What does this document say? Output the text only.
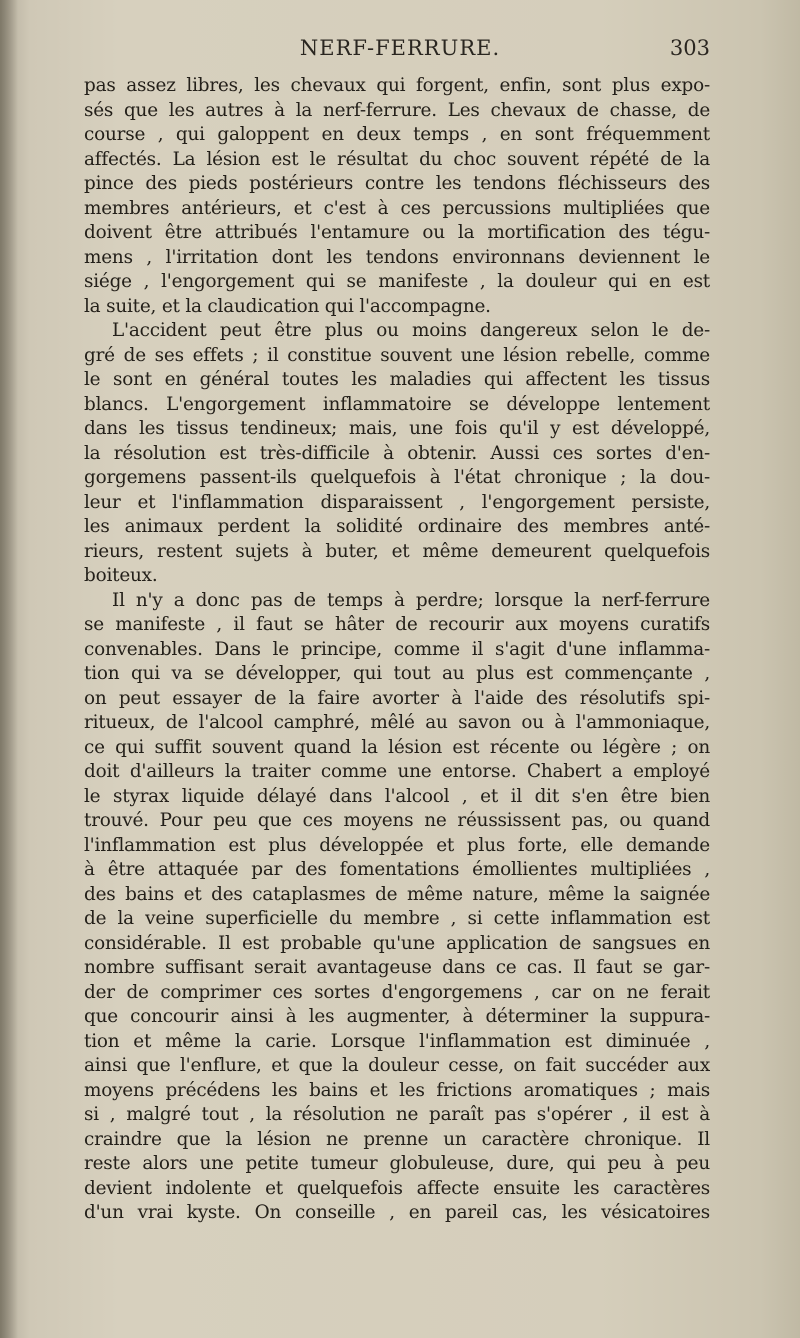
NERF-FERRURE.	303
pas assez libres, les chevaux qui forgent, enfin, sont plus expo-
sés que les autres à la nerf-ferrure. Les chevaux de chasse, de
course , qui galoppent en deux temps , en sont fréquemment
affectés. La lésion est le résultat du choc souvent répété de la
pince des pieds postérieurs contre les tendons fléchisseurs des
membres antérieurs, et c'est à ces percussions multipliées que
doivent être attribués l'entamure ou la mortification des tégu-
mens , l'irritation dont les tendons environnans deviennent le
siége , l'engorgement qui se manifeste , la douleur qui en est
la suite, et la claudication qui l'accompagne.
L'accident peut être plus ou moins dangereux selon le de-
gré de ses effets ; il constitue souvent une lésion rebelle, comme
le sont en général toutes les maladies qui affectent les tissus
blancs. L'engorgement inflammatoire se développe lentement
dans les tissus tendineux; mais, une fois qu'il y est développé,
la résolution est très-difficile à obtenir. Aussi ces sortes d'en-
gorgemens passent-ils quelquefois à l'état chronique ; la dou-
leur et l'inflammation disparaissent , l'engorgement persiste,
les animaux perdent la solidité ordinaire des membres anté-
rieurs, restent sujets à buter, et même demeurent quelquefois
boiteux.
Il n'y a donc pas de temps à perdre; lorsque la nerf-ferrure
se manifeste , il faut se hâter de recourir aux moyens curatifs
convenables. Dans le principe, comme il s'agit d'une inflamma-
tion qui va se développer, qui tout au plus est commençante ,
on peut essayer de la faire avorter à l'aide des résolutifs spi-
ritueux, de l'alcool camphré, mêlé au savon ou à l'ammoniaque,
ce qui suffit souvent quand la lésion est récente ou légère ; on
doit d'ailleurs la traiter comme une entorse. Chabert a employé
le styrax liquide délayé dans l'alcool , et il dit s'en être bien
trouvé. Pour peu que ces moyens ne réussissent pas, ou quand
l'inflammation est plus développée et plus forte, elle demande
à être attaquée par des fomentations émollientes multipliées ,
des bains et des cataplasmes de même nature, même la saignée
de la veine superficielle du membre , si cette inflammation est
considérable. Il est probable qu'une application de sangsues en
nombre suffisant serait avantageuse dans ce cas. Il faut se gar-
der de comprimer ces sortes d'engorgemens , car on ne ferait
que concourir ainsi à les augmenter, à déterminer la suppura-
tion et même la carie. Lorsque l'inflammation est diminuée ,
ainsi que l'enflure, et que la douleur cesse, on fait succéder aux
moyens précédens les bains et les frictions aromatiques ; mais
si , malgré tout , la résolution ne paraît pas s'opérer , il est à
craindre que la lésion ne prenne un caractère chronique. Il
reste alors une petite tumeur globuleuse, dure, qui peu à peu
devient indolente et quelquefois affecte ensuite les caractères
d'un vrai kyste. On conseille , en pareil cas, les vésicatoires
